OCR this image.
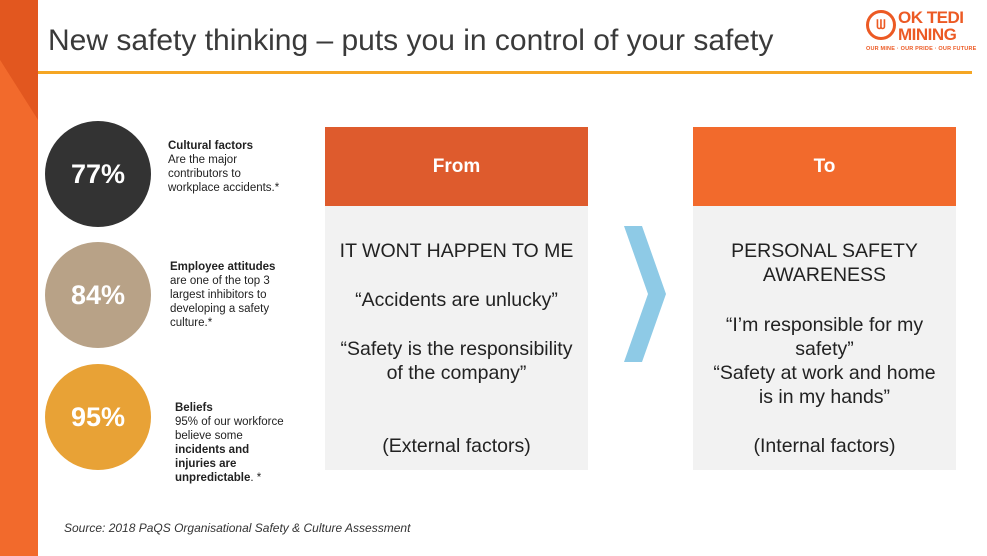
New safety thinking – puts you in control of your safety	ᗯ OK TEDI
MINING
OUR MINE · OUR PRIDE · OUR FUTURE
77%
Cultural factors
Are the major
contributors to
workplace accidents.*
84%
Employee attitudes
are one of the top 3
largest inhibitors to
developing a safety
culture.*
95%	Beliefs
95% of our workforce
believe some
incidents and
injuries are
unpredictable. *
From
IT WONT HAPPEN TO ME
“Accidents are unlucky”
“Safety is the responsibility
of the company”
(External factors)
To
PERSONAL SAFETY
AWARENESS
“I’m responsible for my
safety”
“Safety at work and home
is in my hands”
(Internal factors)
Source: 2018 PaQS Organisational Safety & Culture Assessment
